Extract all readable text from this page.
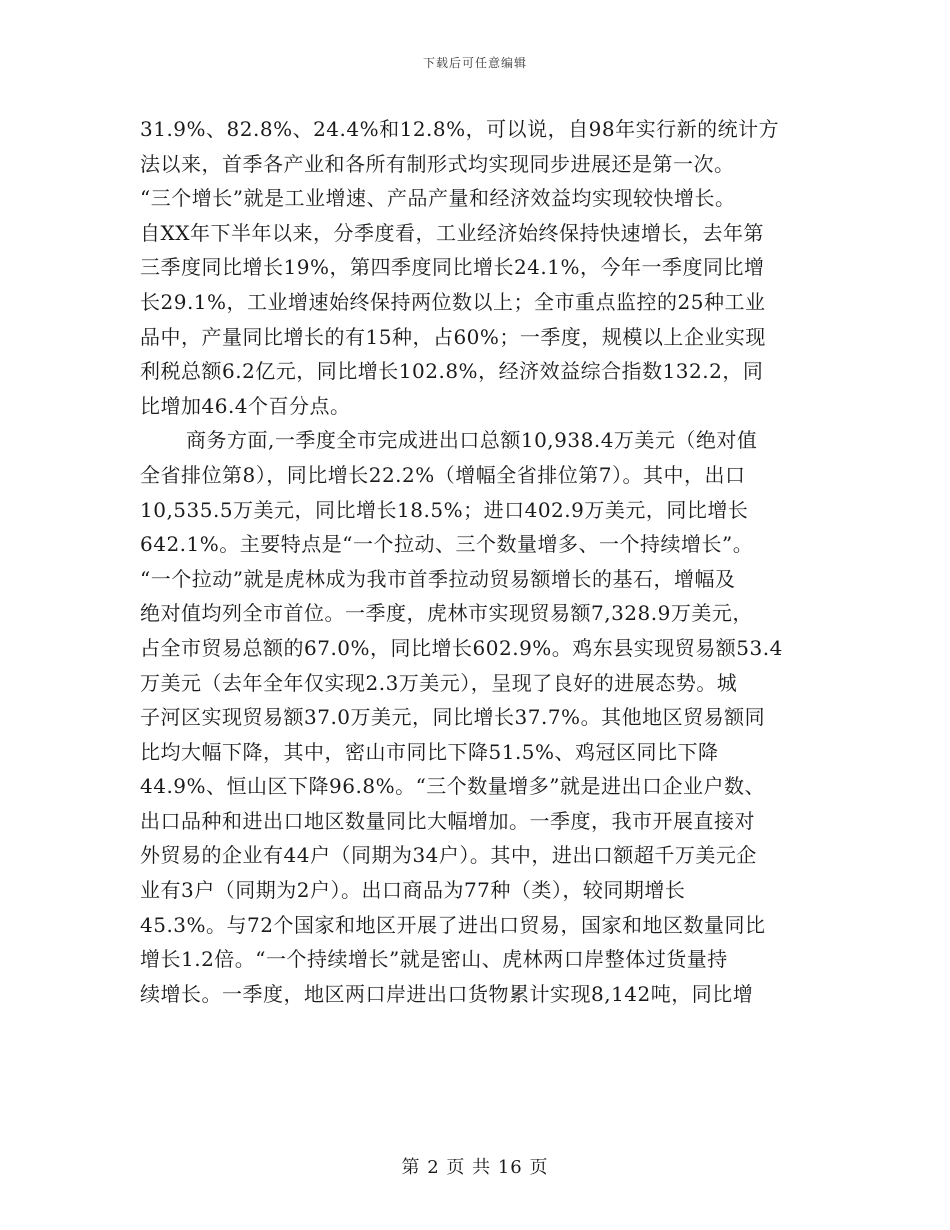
下载后可任意编辑
31.9%、82.8%、24.4%和12.8%，可以说，自98年实行新的统计方
法以来，首季各产业和各所有制形式均实现同步进展还是第一次。
“三个增长”就是工业增速、产品产量和经济效益均实现较快增长。
自XX年下半年以来，分季度看，工业经济始终保持快速增长，去年第
三季度同比增长19%，第四季度同比增长24.1%，今年一季度同比增
长29.1%，工业增速始终保持两位数以上；全市重点监控的25种工业
品中，产量同比增长的有15种，占60%；一季度，规模以上企业实现
利税总额6.2亿元，同比增长102.8%，经济效益综合指数132.2，同
比增加46.4个百分点。
商务方面,一季度全市完成进出口总额10,938.4万美元（绝对值
全省排位第8），同比增长22.2%（增幅全省排位第7）。其中，出口
10,535.5万美元，同比增长18.5%；进口402.9万美元，同比增长
642.1%。主要特点是“一个拉动、三个数量增多、一个持续增长”。
“一个拉动”就是虎林成为我市首季拉动贸易额增长的基石，增幅及
绝对值均列全市首位。一季度，虎林市实现贸易额7,328.9万美元，
占全市贸易总额的67.0%，同比增长602.9%。鸡东县实现贸易额53.4
万美元（去年全年仅实现2.3万美元），呈现了良好的进展态势。城
子河区实现贸易额37.0万美元，同比增长37.7%。其他地区贸易额同
比均大幅下降，其中，密山市同比下降51.5%、鸡冠区同比下降
44.9%、恒山区下降96.8%。“三个数量增多”就是进出口企业户数、
出口品种和进出口地区数量同比大幅增加。一季度，我市开展直接对
外贸易的企业有44户（同期为34户）。其中，进出口额超千万美元企
业有3户（同期为2户）。出口商品为77种（类），较同期增长
45.3%。与72个国家和地区开展了进出口贸易，国家和地区数量同比
增长1.2倍。“一个持续增长”就是密山、虎林两口岸整体过货量持
续增长。一季度，地区两口岸进出口货物累计实现8,142吨，同比增
第 2 页 共 16 页
